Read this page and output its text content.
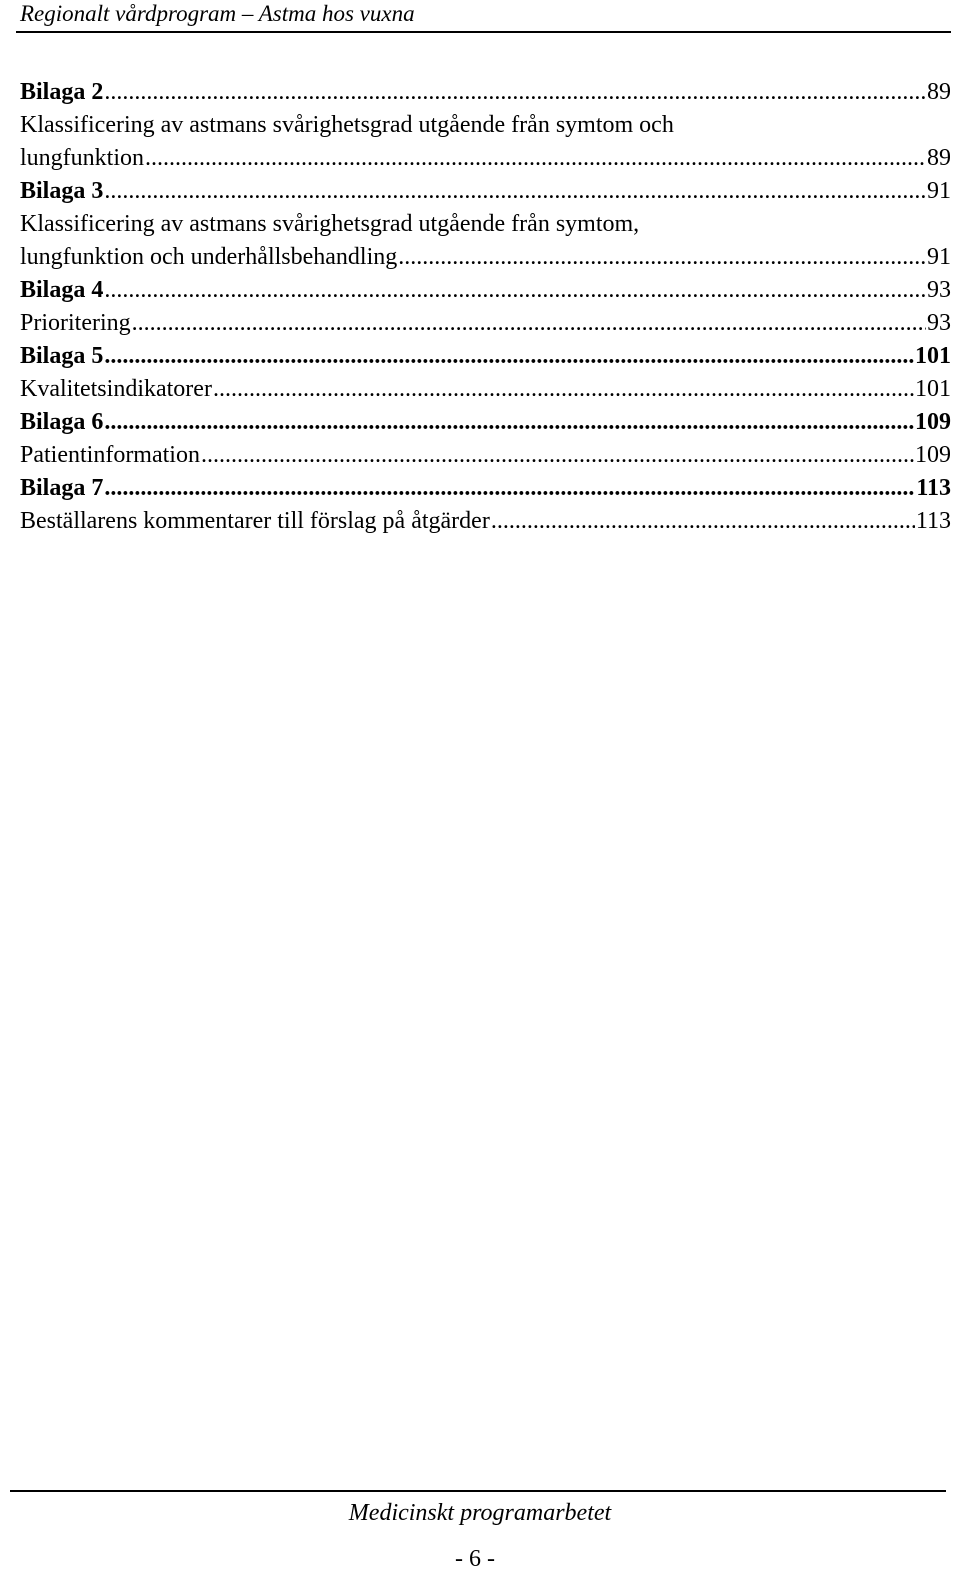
Regionalt vårdprogram – Astma hos vuxna
Bilaga 2 .....	89
Klassificering av astmans svårighetsgrad utgående från symtom och
lungfunktion .....	89
Bilaga 3 .....	91
Klassificering av astmans svårighetsgrad utgående från symtom,
lungfunktion och underhållsbehandling .....	91
Bilaga 4 .....	93
Prioritering .....	93
Bilaga 5 .....	101
Kvalitetsindikatorer .....	101
Bilaga 6 .....	109
Patientinformation .....	109
Bilaga 7 .....	113
Beställarens kommentarer till förslag på åtgärder .....	113
Medicinskt programarbetet
- 6 -
